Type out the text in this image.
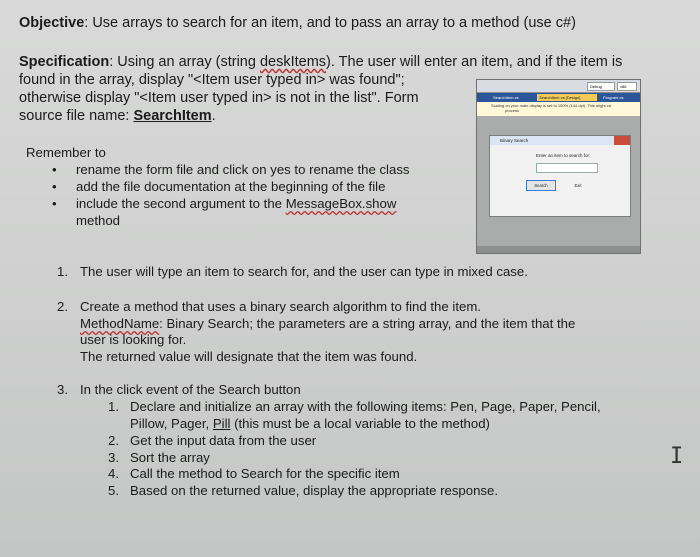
Objective: Use arrays to search for an item, and to pass an array to a method (use c#)
Specification: Using an array (string deskItems). The user will enter an item, and if the item is
found in the array, display "<Item user typed in> was found";
otherwise display "<Item user typed in> is not in the list". Form
source file name: SearchItem.
Remember to
• rename the form file and click on yes to rename the class
• add the file documentation at the beginning of the file
• include the second argument to the MessageBox.show
method
Debug	x86
SearchItem.cs	SearchItem.cs [Design]	Program.cs
Scaling on your main display is set to 150% (144 dpi). This might ca
process
Binary Search
Enter an item to search for:
Search	Exit
1. The user will type an item to search for, and the user can type in mixed case.
2. Create a method that uses a binary search algorithm to find the item.
MethodName: Binary Search; the parameters are a string array, and the item that the
user is looking for.
The returned value will designate that the item was found.
3. In the click event of the Search button
1. Declare and initialize an array with the following items: Pen, Page, Paper, Pencil,
Pillow, Pager, Pill (this must be a local variable to the method)
2. Get the input data from the user
3. Sort the array
4. Call the method to Search for the specific item
5. Based on the returned value, display the appropriate response.
I
